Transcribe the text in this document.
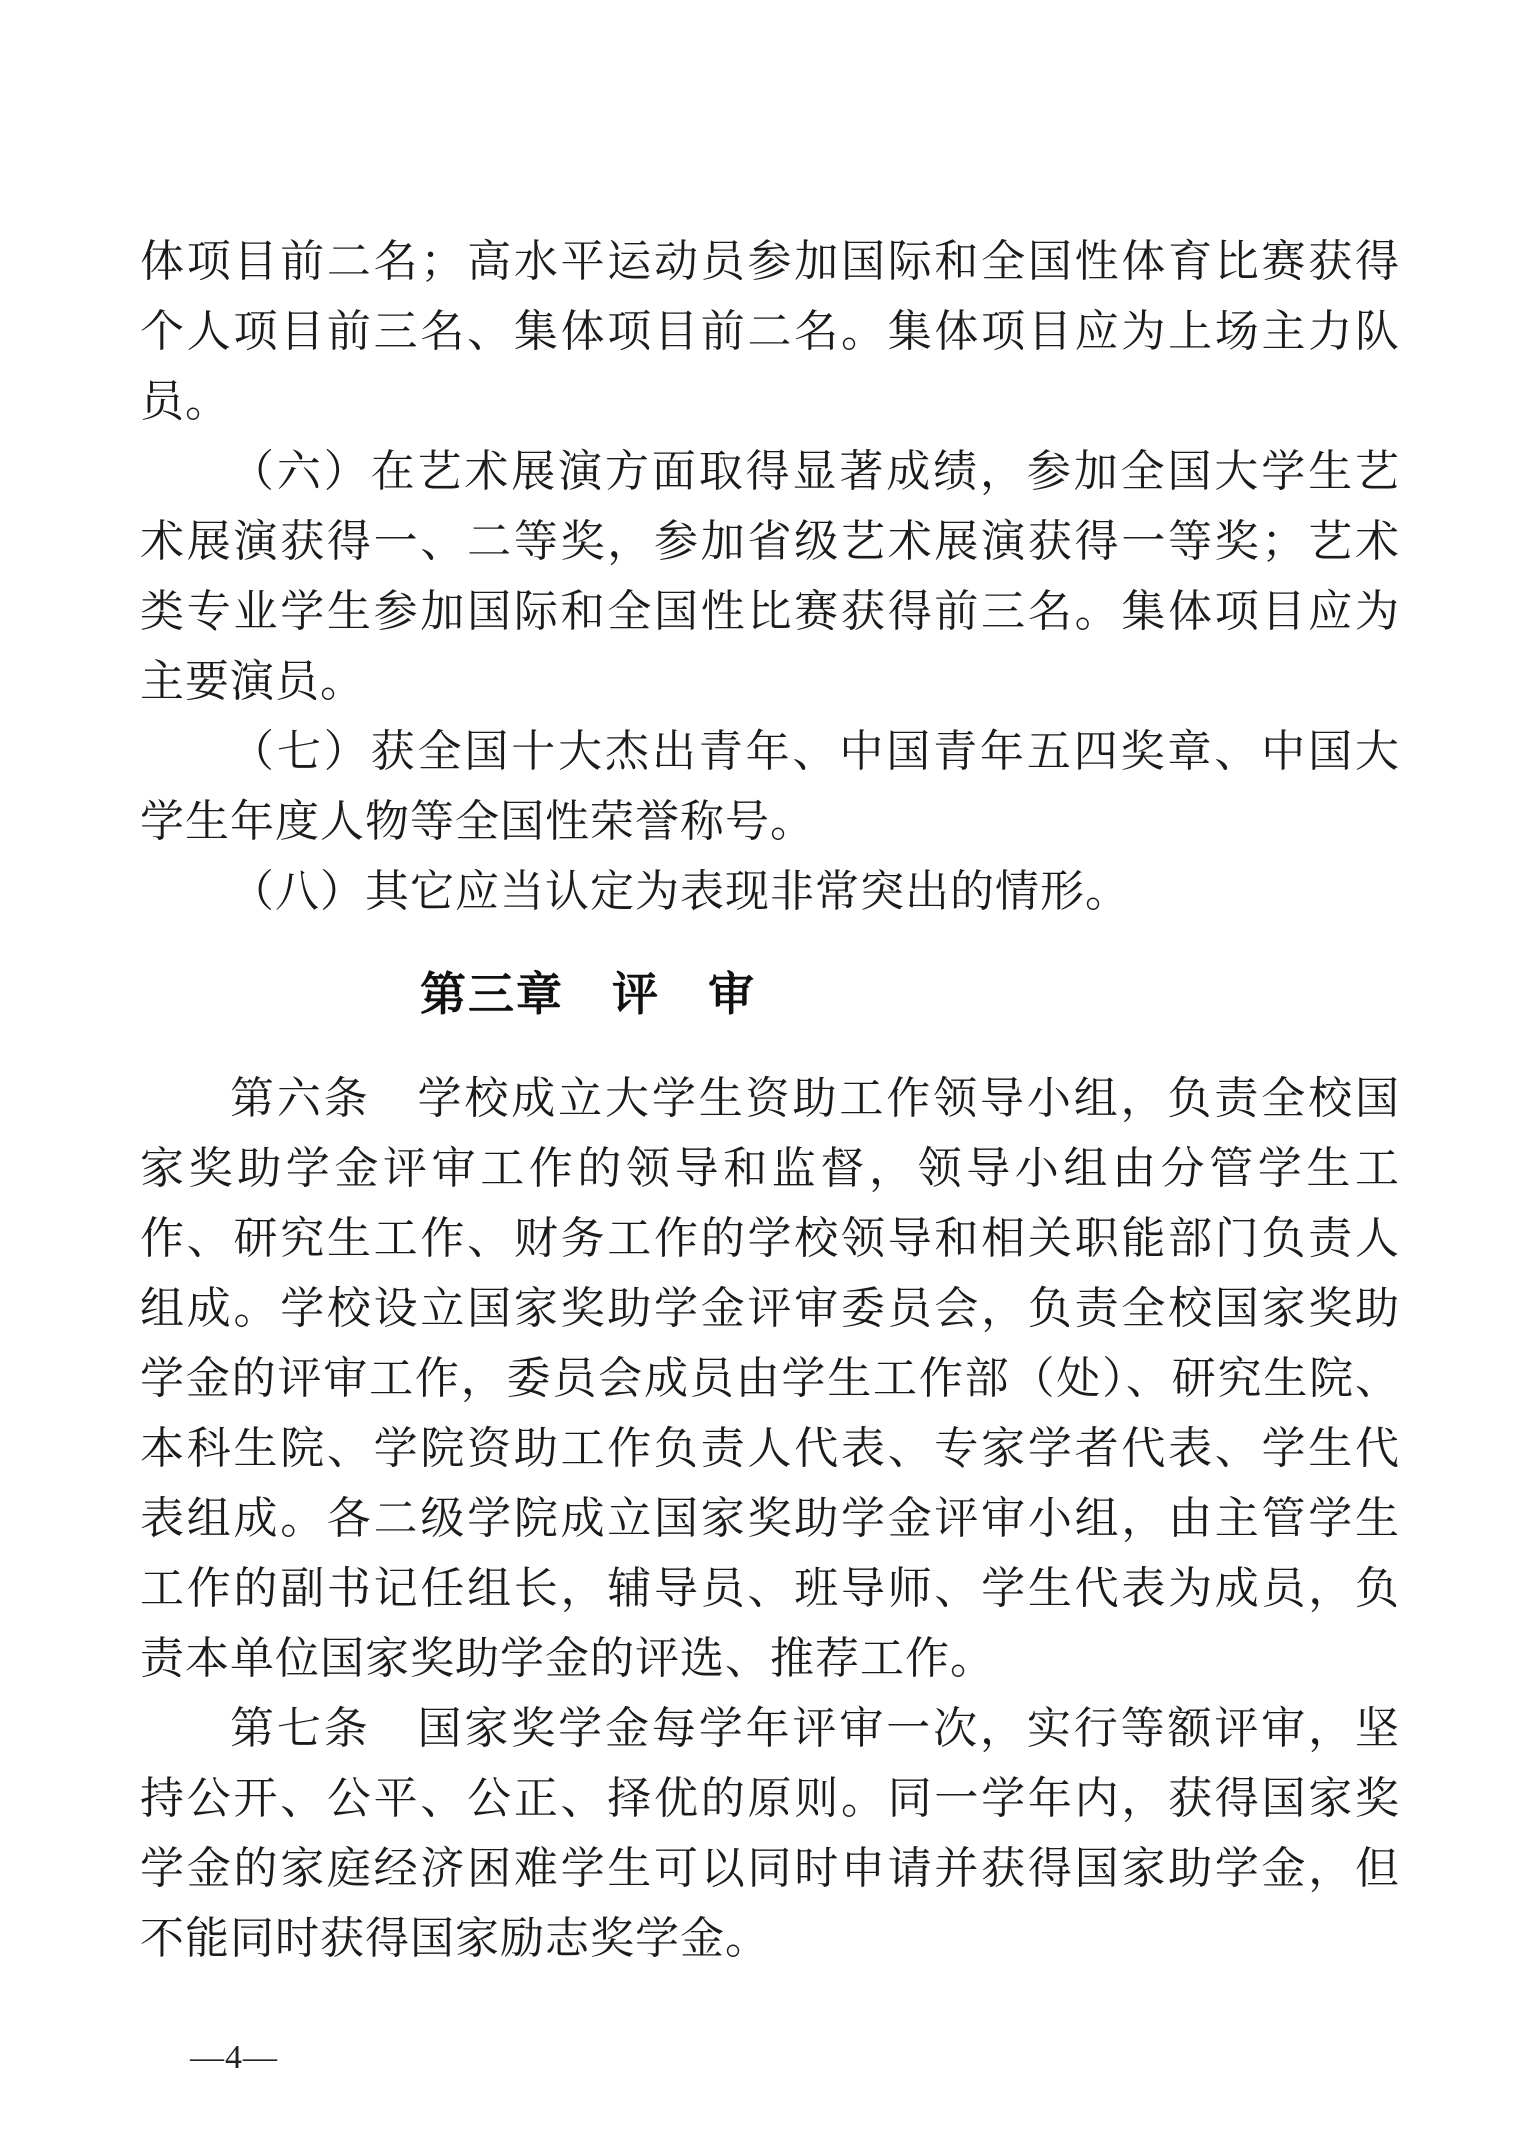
体项目前二名；高水平运动员参加国际和全国性体育比赛获得

个人项目前三名、集体项目前二名。集体项目应为上场主力队

员。

（六）在艺术展演方面取得显著成绩，参加全国大学生艺

术展演获得一、二等奖，参加省级艺术展演获得一等奖；艺术

类专业学生参加国际和全国性比赛获得前三名。集体项目应为

主要演员。

（七）获全国十大杰出青年、中国青年五四奖章、中国大

学生年度人物等全国性荣誉称号。

（八）其它应当认定为表现非常突出的情形。

第三章　评　审

第六条　学校成立大学生资助工作领导小组，负责全校国

家奖助学金评审工作的领导和监督，领导小组由分管学生工

作、研究生工作、财务工作的学校领导和相关职能部门负责人

组成。学校设立国家奖助学金评审委员会，负责全校国家奖助

学金的评审工作，委员会成员由学生工作部（处）、研究生院、

本科生院、学院资助工作负责人代表、专家学者代表、学生代

表组成。各二级学院成立国家奖助学金评审小组，由主管学生

工作的副书记任组长，辅导员、班导师、学生代表为成员，负

责本单位国家奖助学金的评选、推荐工作。

第七条　国家奖学金每学年评审一次，实行等额评审，坚

持公开、公平、公正、择优的原则。同一学年内，获得国家奖

学金的家庭经济困难学生可以同时申请并获得国家助学金，但

不能同时获得国家励志奖学金。

—4—
